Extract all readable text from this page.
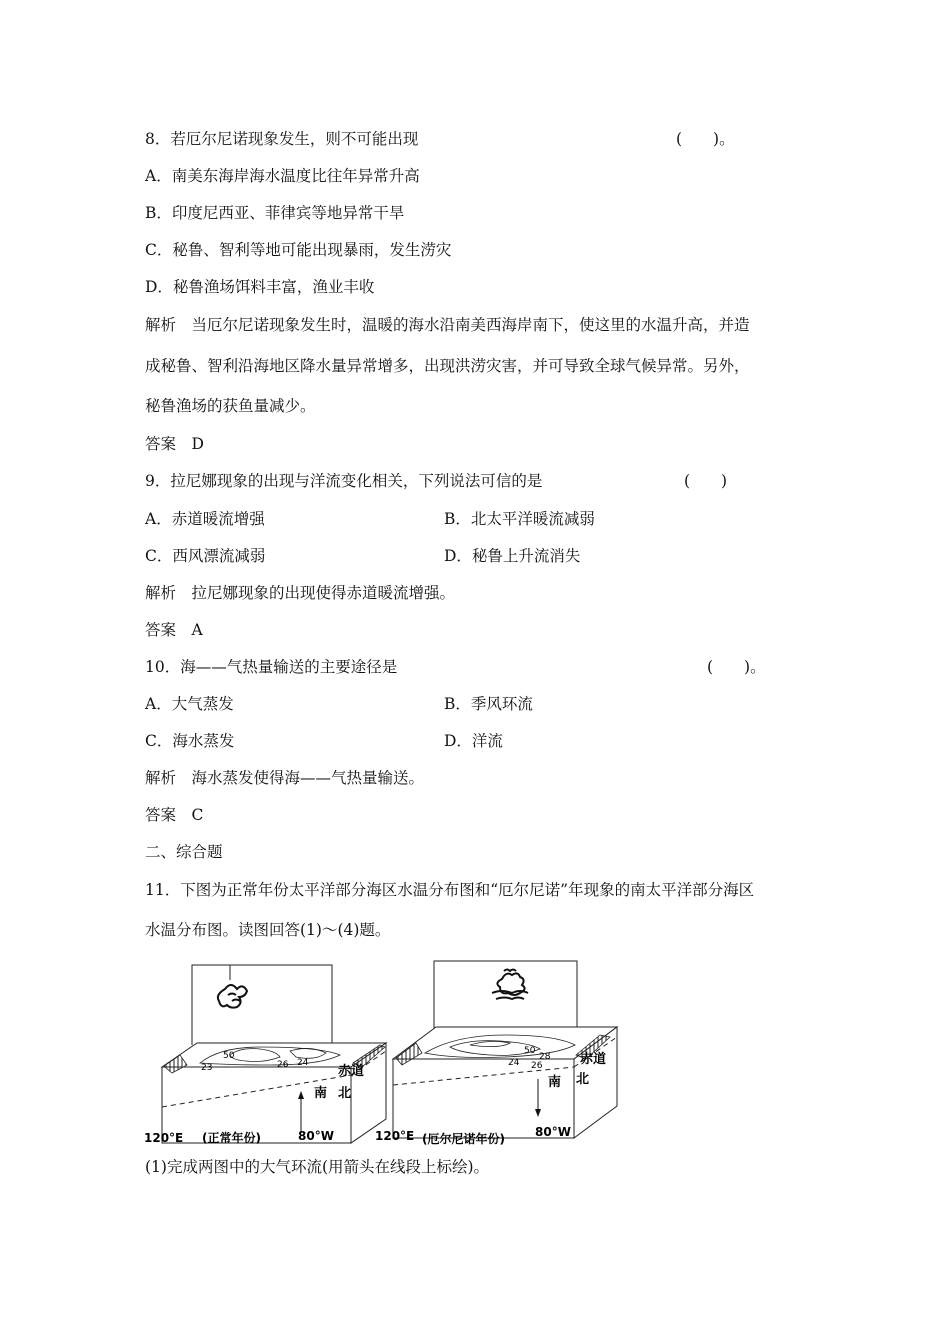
8．若厄尔尼诺现象发生，则不可能出现	(　　)。
A．南美东海岸海水温度比往年异常升高
B．印度尼西亚、菲律宾等地异常干旱
C．秘鲁、智利等地可能出现暴雨，发生涝灾
D．秘鲁渔场饵料丰富，渔业丰收
解析　当厄尔尼诺现象发生时，温暖的海水沿南美西海岸南下，使这里的水温升高，并造
成秘鲁、智利沿海地区降水量异常增多，出现洪涝灾害，并可导致全球气候异常。另外，
秘鲁渔场的获鱼量减少。
答案　D
9．拉尼娜现象的出现与洋流变化相关，下列说法可信的是	(　　)
A．赤道暖流增强	B．北太平洋暖流减弱
C．西风漂流减弱	D．秘鲁上升流消失
解析　拉尼娜现象的出现使得赤道暖流增强。
答案　A
10．海——气热量输送的主要途径是	(　　)。
A．大气蒸发	B．季风环流
C．海水蒸发	D．洋流
解析　海水蒸发使得海——气热量输送。
答案　C
二、综合题
11．下图为正常年份太平洋部分海区水温分布图和“厄尔尼诺”年现象的南太平洋部分海区
水温分布图。读图回答(1)～(4)题。
23
50
26 24
赤道
南 北
120°E (正常年份)	80°W
50
28
24 26	赤道
南 北
120°E (厄尔尼诺年份)	80°W
(1)完成两图中的大气环流(用箭头在线段上标绘)。
